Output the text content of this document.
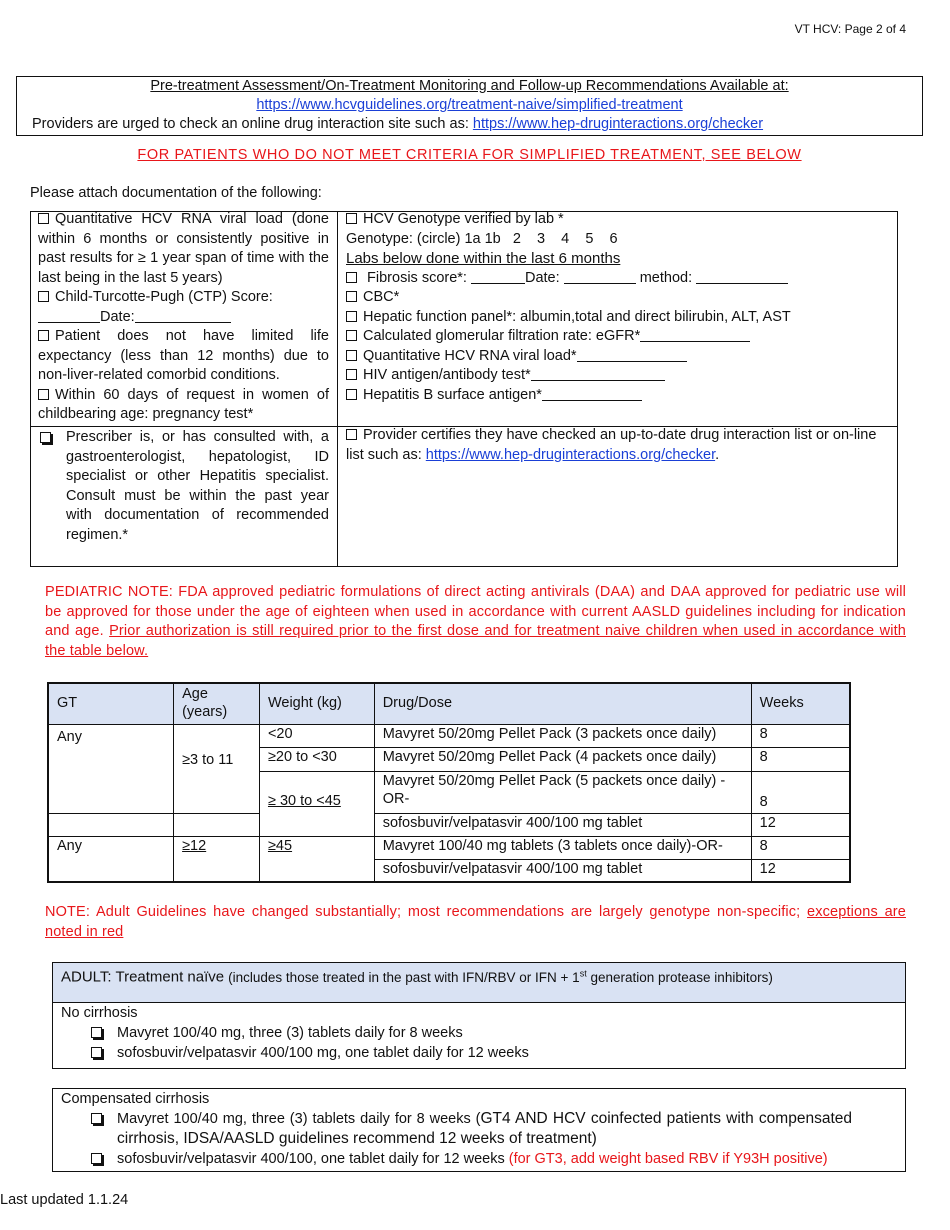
VT HCV: Page 2 of 4
Pre-treatment Assessment/On-Treatment Monitoring and Follow-up Recommendations Available at:
https://www.hcvguidelines.org/treatment-naive/simplified-treatment
Providers are urged to check an online drug interaction site such as: https://www.hep-druginteractions.org/checker
FOR PATIENTS WHO DO NOT MEET CRITERIA FOR SIMPLIFIED TREATMENT, SEE BELOW
Please attach documentation of the following:
Quantitative HCV RNA viral load (done within 6 months or consistently positive in past results for ≥ 1 year span of time with the last being in the last 5 years)
Child-Turcotte-Pugh (CTP) Score:
Date:
Patient does not have limited life expectancy (less than 12 months) due to non-liver-related comorbid conditions.
Within 60 days of request in women of childbearing age: pregnancy test*
HCV Genotype verified by lab *
Genotype: (circle) 1a 1b   2    3    4    5    6
Labs below done within the last 6 months
Fibrosis score*:	Date:	method:
CBC*
Hepatic function panel*: albumin,total and direct bilirubin, ALT, AST
Calculated glomerular filtration rate: eGFR*
Quantitative HCV RNA viral load*
HIV antigen/antibody test*
Hepatitis B surface antigen*
Prescriber is, or has consulted with, a gastroenterologist, hepatologist, ID specialist or other Hepatitis specialist. Consult must be within the past year with documentation of recommended regimen.*
Provider certifies they have checked an up-to-date drug interaction list or on-line list such as: https://www.hep-druginteractions.org/checker.
PEDIATRIC NOTE: FDA approved pediatric formulations of direct acting antivirals (DAA) and DAA approved for pediatric use will be approved for those under the age of eighteen when used in accordance with current AASLD guidelines including for indication and age. Prior authorization is still required prior to the first dose and for treatment naive children when used in accordance with the table below.
GT	Age (years)	Weight (kg)	Drug/Dose	Weeks
Any	≥3 to 11	<20	Mavyret 50/20mg Pellet Pack (3 packets once daily)	8
		≥20 to <30	Mavyret 50/20mg Pellet Pack (4 packets once daily)	8
		≥ 30 to <45	Mavyret 50/20mg Pellet Pack (5 packets once daily) -OR-	8
			sofosbuvir/velpatasvir 400/100 mg tablet	12
Any	≥12	≥45	Mavyret 100/40 mg tablets (3 tablets once daily)-OR-	8
			sofosbuvir/velpatasvir 400/100 mg tablet	12
NOTE: Adult Guidelines have changed substantially; most recommendations are largely genotype non-specific; exceptions are noted in red
ADULT: Treatment naïve (includes those treated in the past with IFN/RBV or IFN + 1st generation protease inhibitors)
No cirrhosis
Mavyret 100/40 mg, three (3) tablets daily for 8 weeks
sofosbuvir/velpatasvir 400/100 mg, one tablet daily for 12 weeks
Compensated cirrhosis
Mavyret 100/40 mg, three (3) tablets daily for 8 weeks (GT4 AND HCV coinfected patients with compensated cirrhosis, IDSA/AASLD guidelines recommend 12 weeks of treatment)
sofosbuvir/velpatasvir 400/100, one tablet daily for 12 weeks (for GT3, add weight based RBV if Y93H positive)
Last updated 1.1.24
